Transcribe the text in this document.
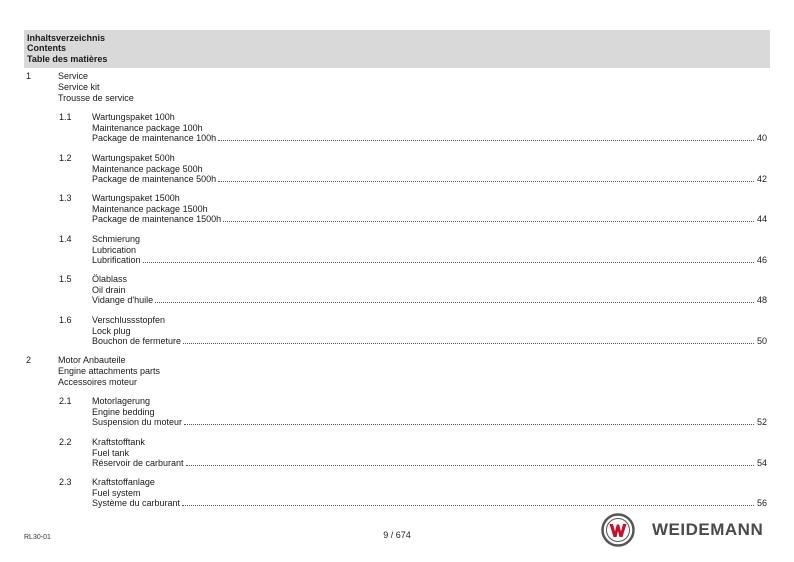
Inhaltsverzeichnis
Contents
Table des matières
1	Service
Service kit
Trousse de service
1.1 Wartungspaket 100h
Maintenance package 100h
Package de maintenance 100h	40
1.2 Wartungspaket 500h
Maintenance package 500h
Package de maintenance 500h	42
1.3 Wartungspaket 1500h
Maintenance package 1500h
Package de maintenance 1500h	44
1.4 Schmierung
Lubrication
Lubrification	46
1.5 Ölablass
Oil drain
Vidange d'huile	48
1.6 Verschlussstopfen
Lock plug
Bouchon de fermeture	50
2	Motor Anbauteile
Engine attachments parts
Accessoires moteur
2.1 Motorlagerung
Engine bedding
Suspension du moteur	52
2.2 Kraftstofftank
Fuel tank
Réservoir de carburant	54
2.3 Kraftstoffanlage
Fuel system
Système du carburant	56
RL30-01	9 / 674	WEIDEMANN
